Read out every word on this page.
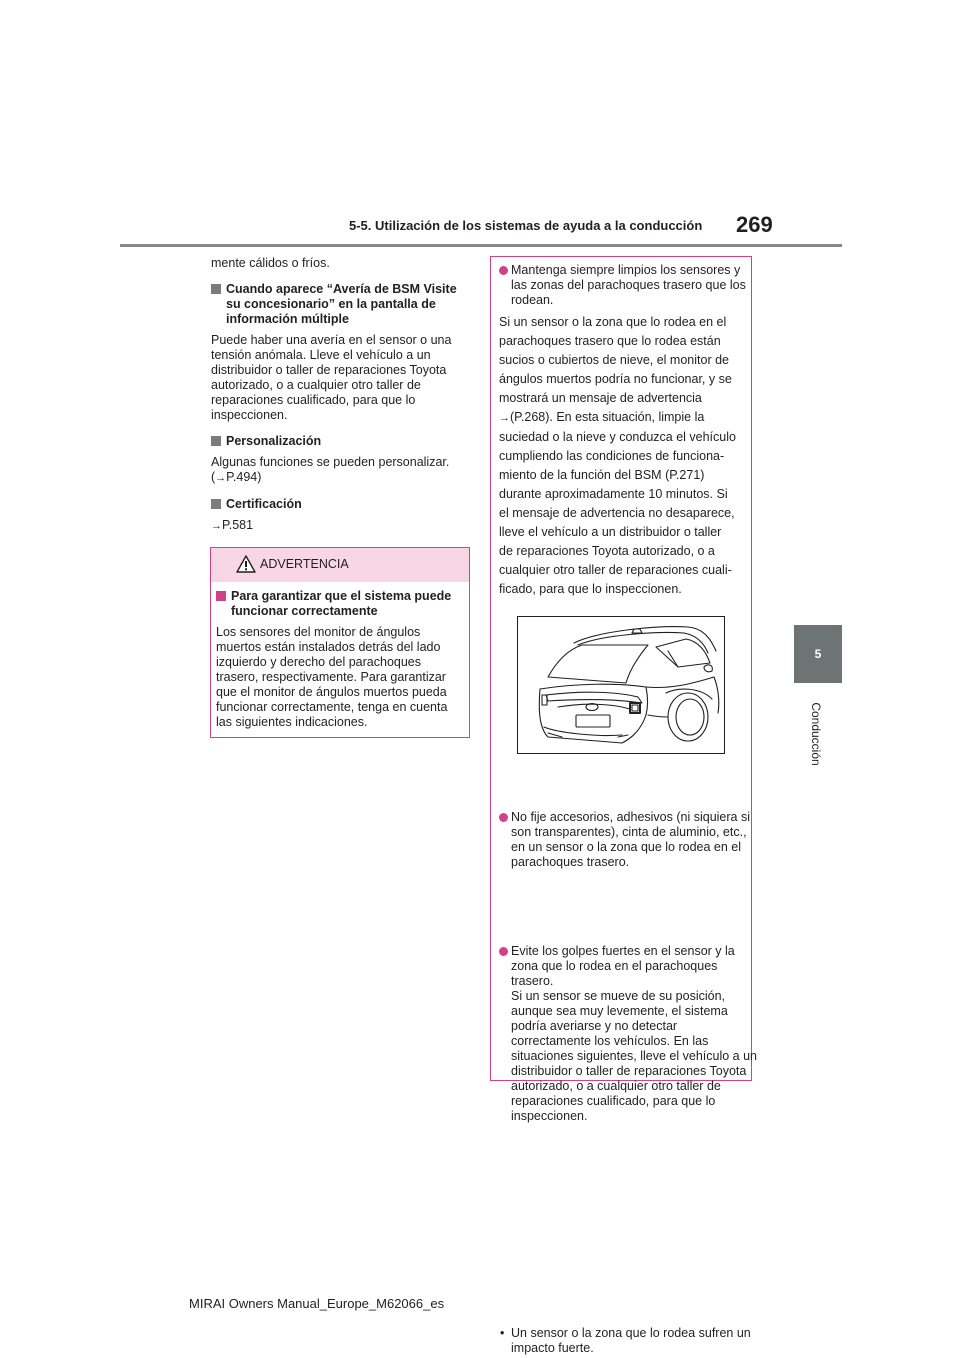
5-5. Utilización de los sistemas de ayuda a la conducción 269
5
Conducción

mente cálidos o fríos.

Cuando aparece “Avería de BSM Visite su concesionario” en la pantalla de información múltiple

Puede haber una avería en el sensor o una tensión anómala. Lleve el vehículo a un distribuidor o taller de reparaciones Toyota autorizado, o a cualquier otro taller de reparaciones cualificado, para que lo inspeccionen.

Personalización

Algunas funciones se pueden personalizar.

(→P.494)

Certificación

→P.581

ADVERTENCIA

Para garantizar que el sistema puede funcionar correctamente

Los sensores del monitor de ángulos muertos están instalados detrás del lado izquierdo y derecho del parachoques trasero, respectivamente. Para garantizar que el monitor de ángulos muertos pueda funcionar correctamente, tenga en cuenta las siguientes indicaciones.

Mantenga siempre limpios los sensores y las zonas del parachoques trasero que los rodean.
Si un sensor o la zona que lo rodea en el
parachoques trasero que lo rodea están
sucios o cubiertos de nieve, el monitor de
ángulos muertos podría no funcionar, y se
mostrará un mensaje de advertencia
→(P.268). En esta situación, limpie la
suciedad o la nieve y conduzca el vehículo
cumpliendo las condiciones de funciona-
miento de la función del BSM (P.271)
durante aproximadamente 10 minutos. Si
el mensaje de advertencia no desaparece,
lleve el vehículo a un distribuidor o taller
de reparaciones Toyota autorizado, o a
cualquier otro taller de reparaciones cuali-
ficado, para que lo inspeccionen.
No fije accesorios, adhesivos (ni siquiera si son transparentes), cinta de aluminio, etc., en un sensor o la zona que lo rodea en el parachoques trasero.
Evite los golpes fuertes en el sensor y la zona que lo rodea en el parachoques trasero.
Si un sensor se mueve de su posición, aunque sea muy levemente, el sistema podría averiarse y no detectar correctamente los vehículos. En las situaciones siguientes, lleve el vehículo a un distribuidor o taller de reparaciones Toyota autorizado, o a cualquier otro taller de reparaciones cualificado, para que lo inspeccionen.
• Un sensor o la zona que lo rodea sufren un impacto fuerte.
MIRAI Owners Manual_Europe_M62066_es
